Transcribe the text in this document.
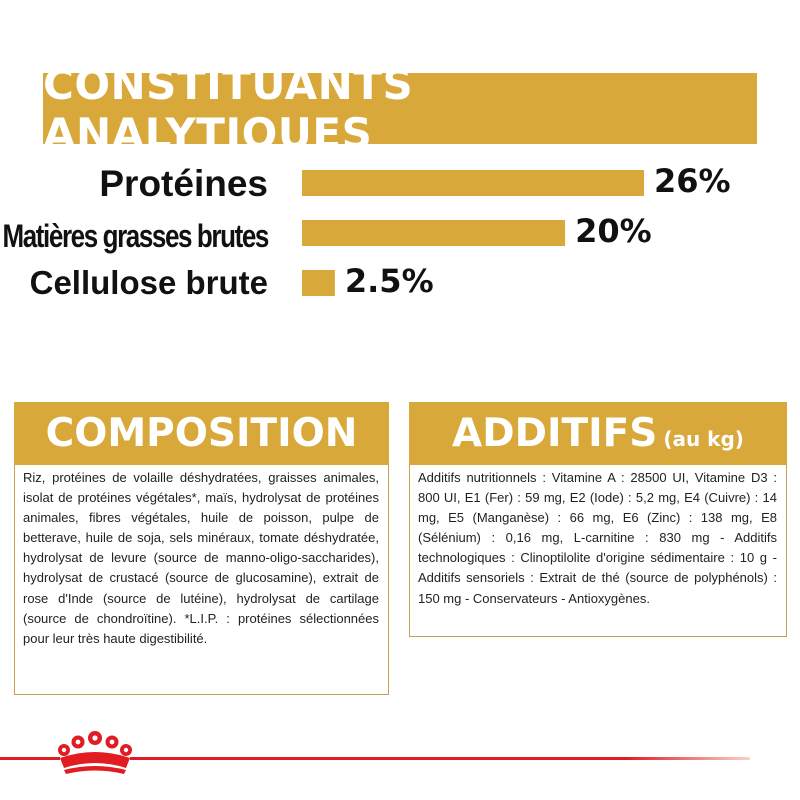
CONSTITUANTS ANALYTIQUES
Protéines
Matières grasses brutes
Cellulose brute
26%
20%
2.5%
COMPOSITION
Riz, protéines de volaille déshydratées, graisses animales, isolat de protéines végétales*, maïs, hydrolysat de protéines animales, fibres végétales, huile de poisson, pulpe de betterave, huile de soja, sels minéraux, tomate déshydratée, hydrolysat de levure (source de manno-oligo-saccharides), hydrolysat de crustacé (source de glucosamine), extrait de rose d'Inde (source de lutéine), hydrolysat de cartilage (source de chondroïtine). *L.I.P. : protéines sélectionnées pour leur très haute digestibilité.
ADDITIFS (au kg)
Additifs nutritionnels : Vitamine A : 28500 UI, Vitamine D3 : 800 UI, E1 (Fer) : 59 mg, E2 (Iode) : 5,2 mg, E4 (Cuivre) : 14 mg, E5 (Manganèse) : 66 mg, E6 (Zinc) : 138 mg, E8 (Sélénium) : 0,16 mg, L-carnitine : 830 mg - Additifs technologiques : Clinoptilolite d'origine sédimentaire : 10 g - Additifs sensoriels : Extrait de thé (source de polyphénols) : 150 mg - Conservateurs - Antioxygènes.
